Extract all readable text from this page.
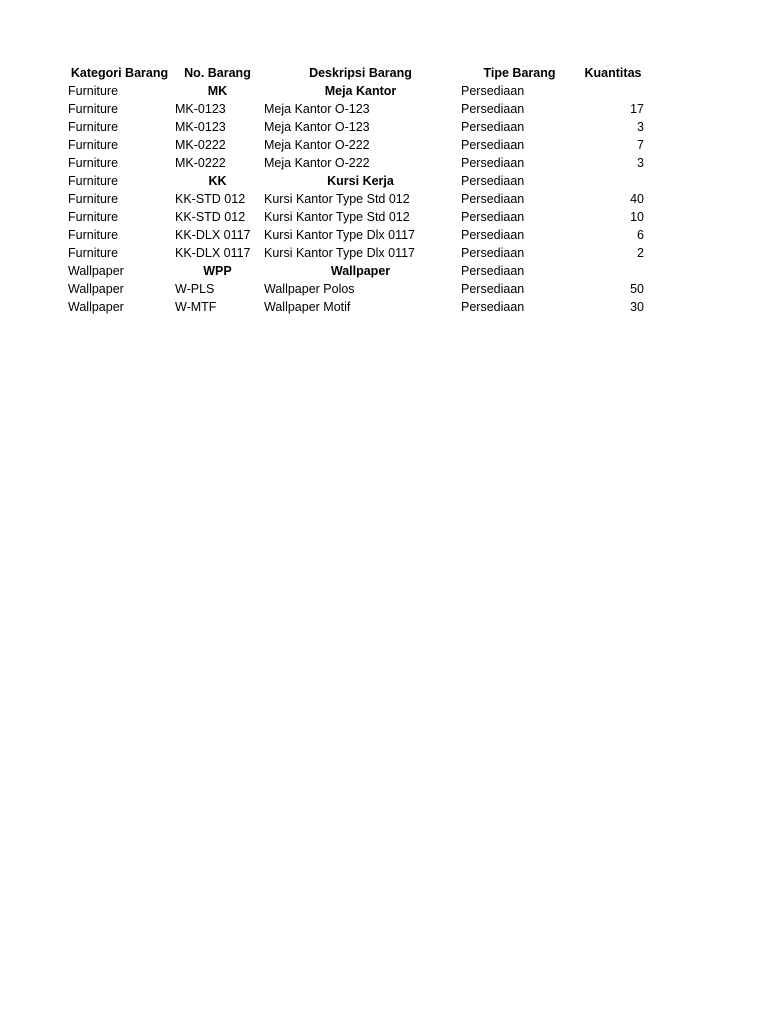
Kategori Barang	No. Barang	Deskripsi Barang	Tipe Barang	Kuantitas
Furniture	MK	Meja Kantor	Persediaan	
Furniture	MK-0123	Meja Kantor O-123	Persediaan	17
Furniture	MK-0123	Meja Kantor O-123	Persediaan	3
Furniture	MK-0222	Meja Kantor O-222	Persediaan	7
Furniture	MK-0222	Meja Kantor O-222	Persediaan	3
Furniture	KK	Kursi Kerja	Persediaan	
Furniture	KK-STD 012	Kursi Kantor Type Std 012	Persediaan	40
Furniture	KK-STD 012	Kursi Kantor Type Std 012	Persediaan	10
Furniture	KK-DLX 0117	Kursi Kantor Type Dlx 0117	Persediaan	6
Furniture	KK-DLX 0117	Kursi Kantor Type Dlx 0117	Persediaan	2
Wallpaper	WPP	Wallpaper	Persediaan	
Wallpaper	W-PLS	Wallpaper Polos	Persediaan	50
Wallpaper	W-MTF	Wallpaper Motif	Persediaan	30
